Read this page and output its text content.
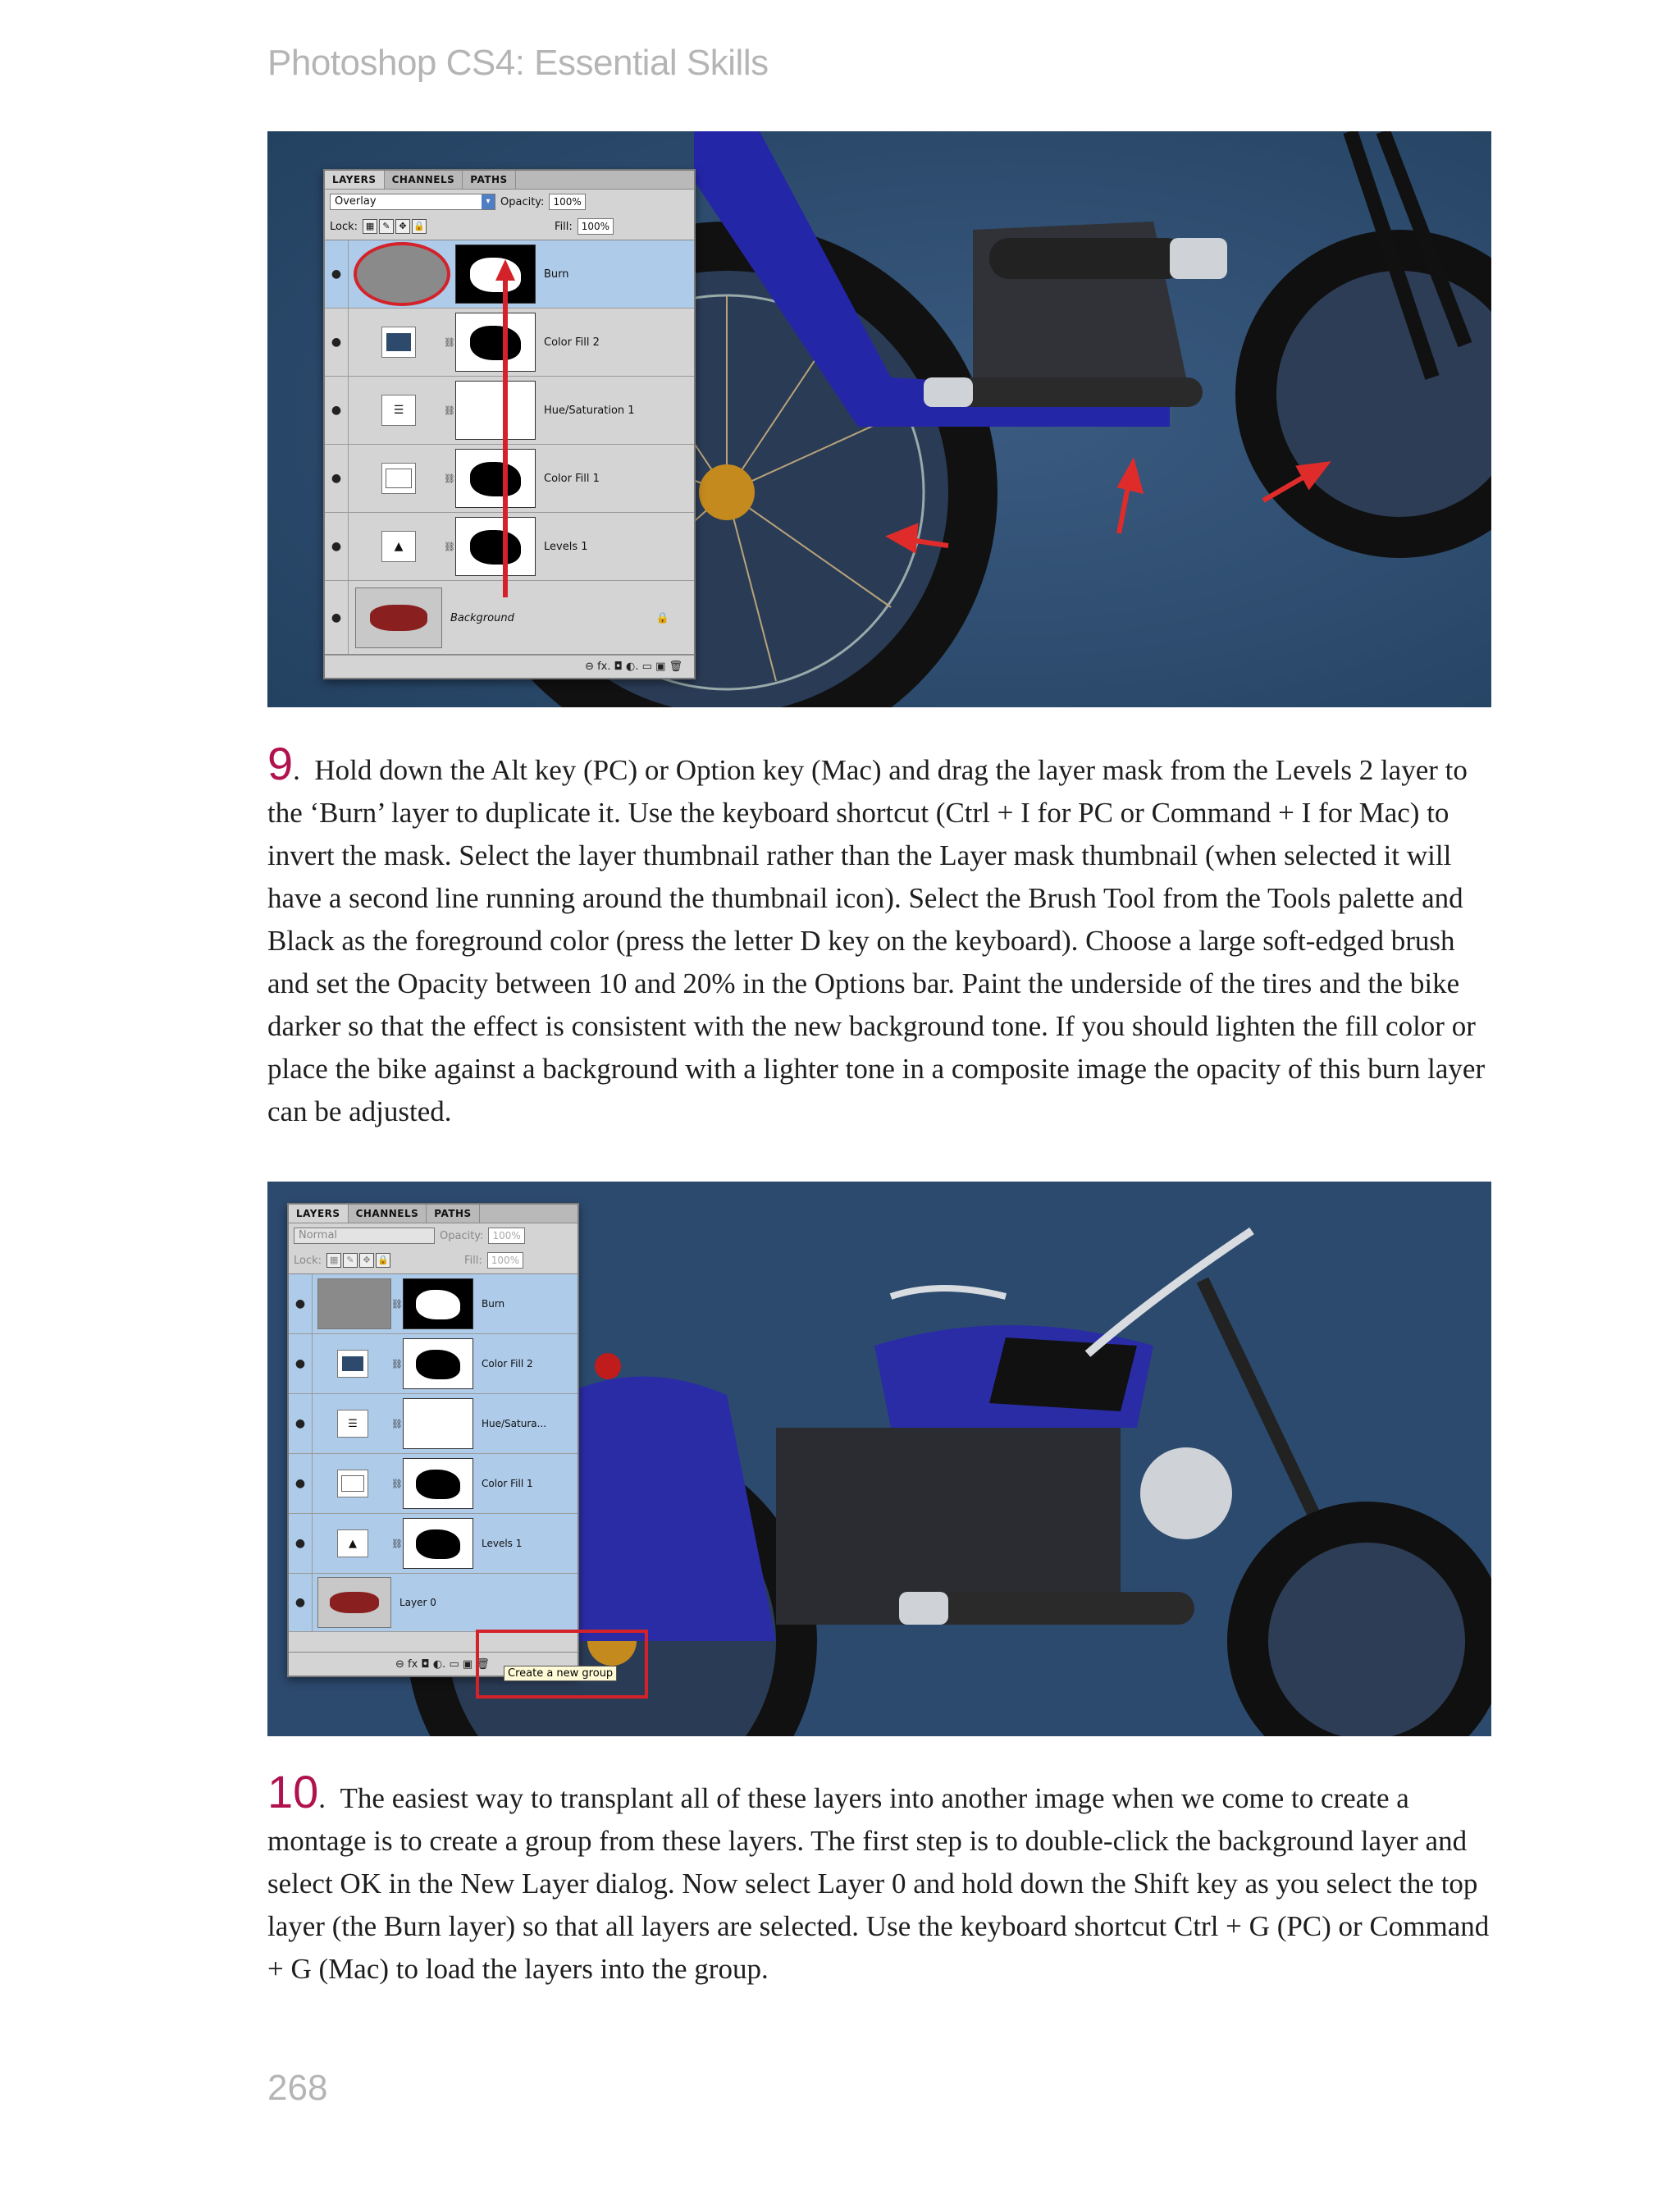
Photoshop CS4: Essential Skills
LAYERS	CHANNELS	PATHS
Overlay	▾ Opacity: 100%
Lock: ▦ ✎ ✥ 🔒	Fill: 100%
●	Burn
●	⛓	Color Fill 2
●	☰	⛓	Hue/Saturation 1
●	⛓	Color Fill 1
●	▲	⛓	Levels 1
●	Background	🔒
⊖ fx. ◘ ◐. ▭ ▣ 🗑
9.  Hold down the Alt key (PC) or Option key (Mac) and drag the layer mask from the Levels 2 layer to the ‘Burn’ layer to duplicate it. Use the keyboard shortcut (Ctrl + I for PC or Command + I for Mac) to invert the mask. Select the layer thumbnail rather than the Layer mask thumbnail (when selected it will have a second line running around the thumbnail icon). Select the Brush Tool from the Tools palette and Black as the foreground color (press the letter D key on the keyboard). Choose a large soft-edged brush and set the Opacity between 10 and 20% in the Options bar. Paint the underside of the tires and the bike darker so that the effect is consistent with the new background tone. If you should lighten the fill color or place the bike against a background with a lighter tone in a composite image the opacity of this burn layer can be adjusted.
LAYERS	CHANNELS	PATHS
Normal	Opacity: 100%
Lock: ▦ ✎ ✥ 🔒	Fill: 100%
●	⛓	Burn
●	⛓	Color Fill 2
●	☰	⛓	Hue/Satura...
●	⛓	Color Fill 1
●	▲	⛓	Levels 1
●	Layer 0
⊖ fx ◘ ◐. ▭ ▣ 🗑
Create a new group
10.  The easiest way to transplant all of these layers into another image when we come to create a montage is to create a group from these layers. The first step is to double-click the background layer and select OK in the New Layer dialog. Now select Layer 0 and hold down the Shift key as you select the top layer (the Burn layer) so that all layers are selected. Use the keyboard shortcut Ctrl + G (PC) or Command + G (Mac) to load the layers into the group.
268
